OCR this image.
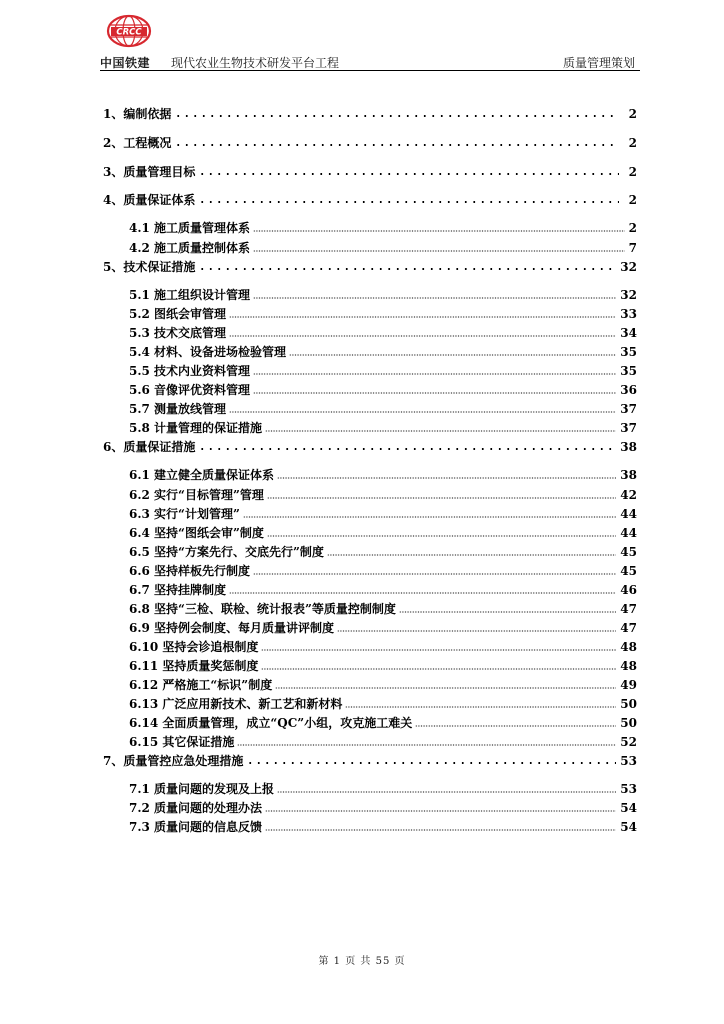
CRCC
中国铁建 现代农业生物技术研发平台工程	质量管理策划
1、编制依据	2
2、工程概况	2
3、质量管理目标	2
4、质量保证体系	2
4.1 施工质量管理体系	2
4.2 施工质量控制体系	7
5、技术保证措施	32
5.1 施工组织设计管理	32
5.2 图纸会审管理	33
5.3 技术交底管理	34
5.4 材料、设备进场检验管理	35
5.5 技术内业资料管理	35
5.6 音像评优资料管理	36
5.7 测量放线管理	37
5.8 计量管理的保证措施	37
6、质量保证措施	38
6.1 建立健全质量保证体系	38
6.2 实行“目标管理”管理	42
6.3 实行“计划管理”	44
6.4 坚持“图纸会审”制度	44
6.5 坚持“方案先行、交底先行”制度	45
6.6 坚持样板先行制度	45
6.7 坚持挂牌制度	46
6.8 坚持“三检、联检、统计报表”等质量控制制度	47
6.9 坚持例会制度、每月质量讲评制度	47
6.10 坚持会诊追根制度	48
6.11 坚持质量奖惩制度	48
6.12 严格施工“标识”制度	49
6.13 广泛应用新技术、新工艺和新材料	50
6.14 全面质量管理，成立“QC”小组，攻克施工难关	50
6.15 其它保证措施	52
7、质量管控应急处理措施	53
7.1 质量问题的发现及上报	53
7.2 质量问题的处理办法	54
7.3 质量问题的信息反馈	54
第 1 页 共 55 页
